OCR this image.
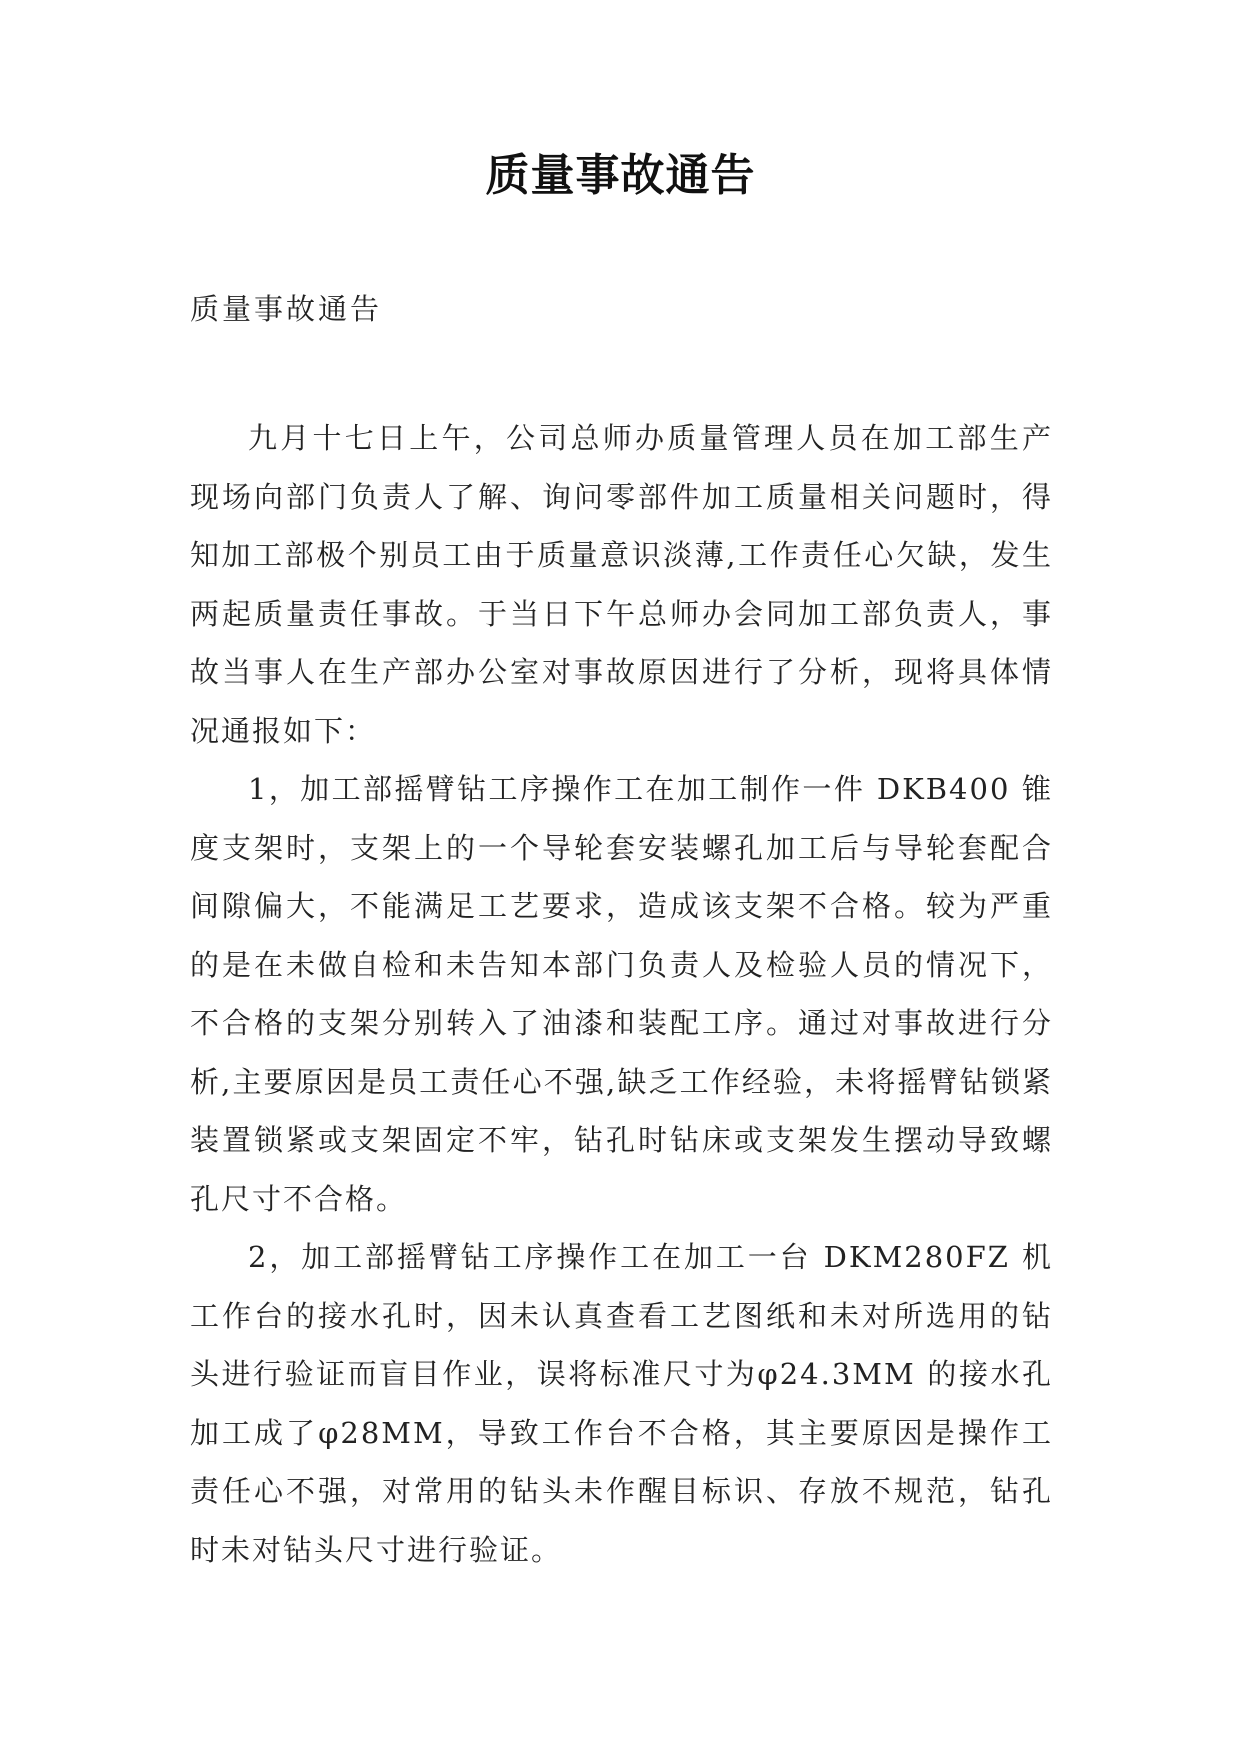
质量事故通告
质量事故通告

九月十七日上午，公司总师办质量管理人员在加工部生产现场向部门负责人了解、询问零部件加工质量相关问题时，得知加工部极个别员工由于质量意识淡薄,工作责任心欠缺，发生两起质量责任事故。于当日下午总师办会同加工部负责人，事故当事人在生产部办公室对事故原因进行了分析，现将具体情况通报如下：

1，加工部摇臂钻工序操作工在加工制作一件 DKB400 锥度支架时，支架上的一个导轮套安装螺孔加工后与导轮套配合间隙偏大，不能满足工艺要求，造成该支架不合格。较为严重的是在未做自检和未告知本部门负责人及检验人员的情况下，不合格的支架分别转入了油漆和装配工序。通过对事故进行分析,主要原因是员工责任心不强,缺乏工作经验，未将摇臂钻锁紧装置锁紧或支架固定不牢，钻孔时钻床或支架发生摆动导致螺孔尺寸不合格。

2，加工部摇臂钻工序操作工在加工一台 DKM280FZ 机工作台的接水孔时，因未认真查看工艺图纸和未对所选用的钻头进行验证而盲目作业，误将标准尺寸为φ24.3MM 的接水孔加工成了φ28MM，导致工作台不合格，其主要原因是操作工责任心不强，对常用的钻头未作醒目标识、存放不规范，钻孔时未对钻头尺寸进行验证。
